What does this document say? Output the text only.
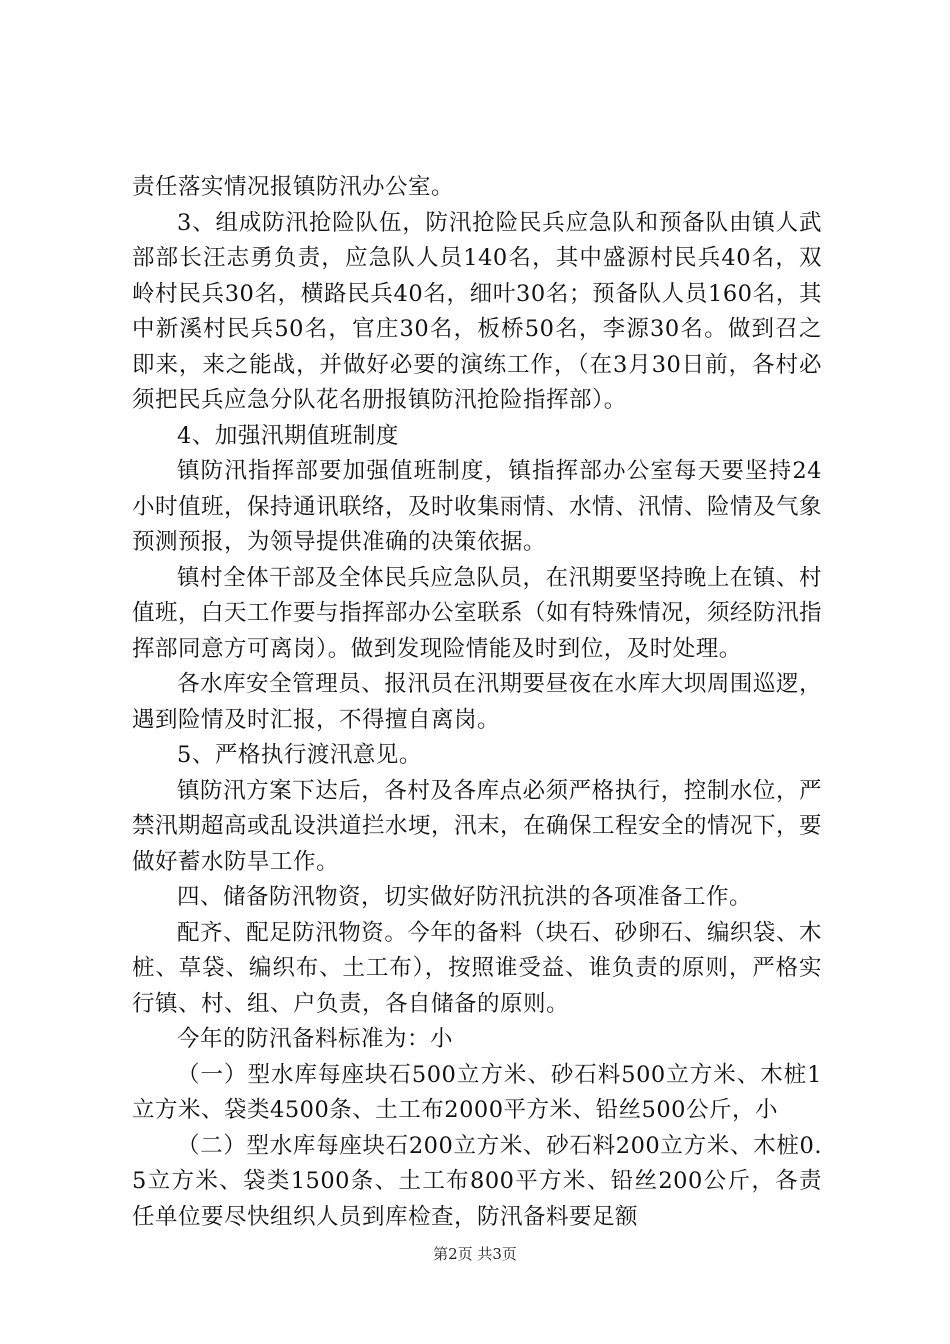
责任落实情况报镇防汛办公室。

3、组成防汛抢险队伍，防汛抢险民兵应急队和预备队由镇人武部部长汪志勇负责，应急队人员140名，其中盛源村民兵40名，双岭村民兵30名，横路民兵40名，细叶30名；预备队人员160名，其中新溪村民兵50名，官庄30名，板桥50名，李源30名。做到召之即来，来之能战，并做好必要的演练工作，（在3月30日前，各村必须把民兵应急分队花名册报镇防汛抢险指挥部）。

4、加强汛期值班制度

镇防汛指挥部要加强值班制度，镇指挥部办公室每天要坚持24小时值班，保持通讯联络，及时收集雨情、水情、汛情、险情及气象预测预报，为领导提供准确的决策依据。

镇村全体干部及全体民兵应急队员，在汛期要坚持晚上在镇、村值班，白天工作要与指挥部办公室联系（如有特殊情况，须经防汛指挥部同意方可离岗）。做到发现险情能及时到位，及时处理。

各水库安全管理员、报汛员在汛期要昼夜在水库大坝周围巡逻，遇到险情及时汇报，不得擅自离岗。

5、严格执行渡汛意见。

镇防汛方案下达后，各村及各库点必须严格执行，控制水位，严禁汛期超高或乱设洪道拦水埂，汛末，在确保工程安全的情况下，要做好蓄水防旱工作。

四、储备防汛物资，切实做好防汛抗洪的各项准备工作。

配齐、配足防汛物资。今年的备料（块石、砂卵石、编织袋、木桩、草袋、编织布、土工布），按照谁受益、谁负责的原则，严格实行镇、村、组、户负责，各自储备的原则。

今年的防汛备料标准为：小

（一）型水库每座块石500立方米、砂石料500立方米、木桩1立方米、袋类4500条、土工布2000平方米、铅丝500公斤，小

（二）型水库每座块石200立方米、砂石料200立方米、木桩0.5立方米、袋类1500条、土工布800平方米、铅丝200公斤，各责任单位要尽快组织人员到库检查，防汛备料要足额

第2页 共3页
